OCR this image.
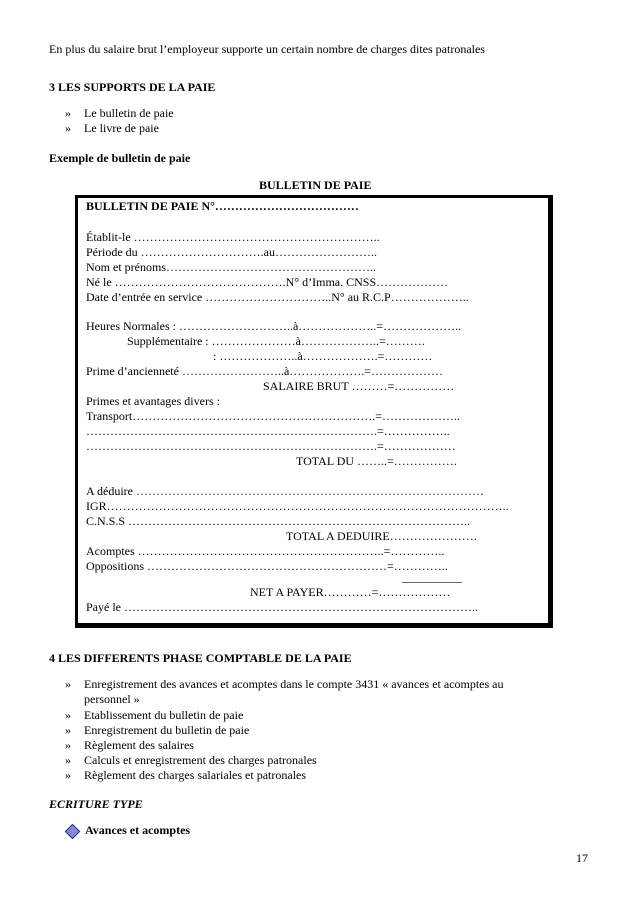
En plus du salaire brut l’employeur supporte un certain nombre de charges dites patronales
3 LES SUPPORTS DE LA PAIE
» Le bulletin de paie
» Le livre de paie
Exemple de bulletin de paie
BULLETIN DE PAIE
BULLETIN DE PAIE N°………………………………
Établit-le ……………………………………………………..
Période du ………………………….au……………………..
Nom et prénoms……………………………………………..
Né le …………………………………….N° d’Imma. CNSS………………
Date d’entrée en service …………………………..N° au R.C.P………………..
Heures Normales : ………………………..à………………..=………………..
Supplémentaire : …………………à………………..=……….
: ………………..à……………….=…………
Prime d’ancienneté ……………………..à……………….=………………
SALAIRE BRUT ………=……………
Primes et avantages divers :
Transport…………………………………………………….=………………..
……………………………………………………………….=……………..
……………………………………………………………….=………………
TOTAL DU ……..=…………….
A déduire ……………………………………………………………………………
IGR………………………………………………………………………………………..
C.N.S.S …………………………………………………………………………..
TOTAL A DEDUIRE………………….
Acomptes ……………………………………………………..=…………..
Oppositions ……………………………………………………=…………..
__________
NET A PAYER…………=………………
Payé le ……………………………………………………………………………..
4 LES DIFFERENTS PHASE COMPTABLE DE LA PAIE
» Enregistrement des avances et acomptes dans le compte 3431 « avances et acomptes au
personnel »
» Etablissement du bulletin de paie
» Enregistrement du bulletin de paie
» Règlement des salaires
» Calculs et enregistrement des charges patronales
» Règlement des charges salariales et patronales
ECRITURE TYPE
Avances et acomptes
17
